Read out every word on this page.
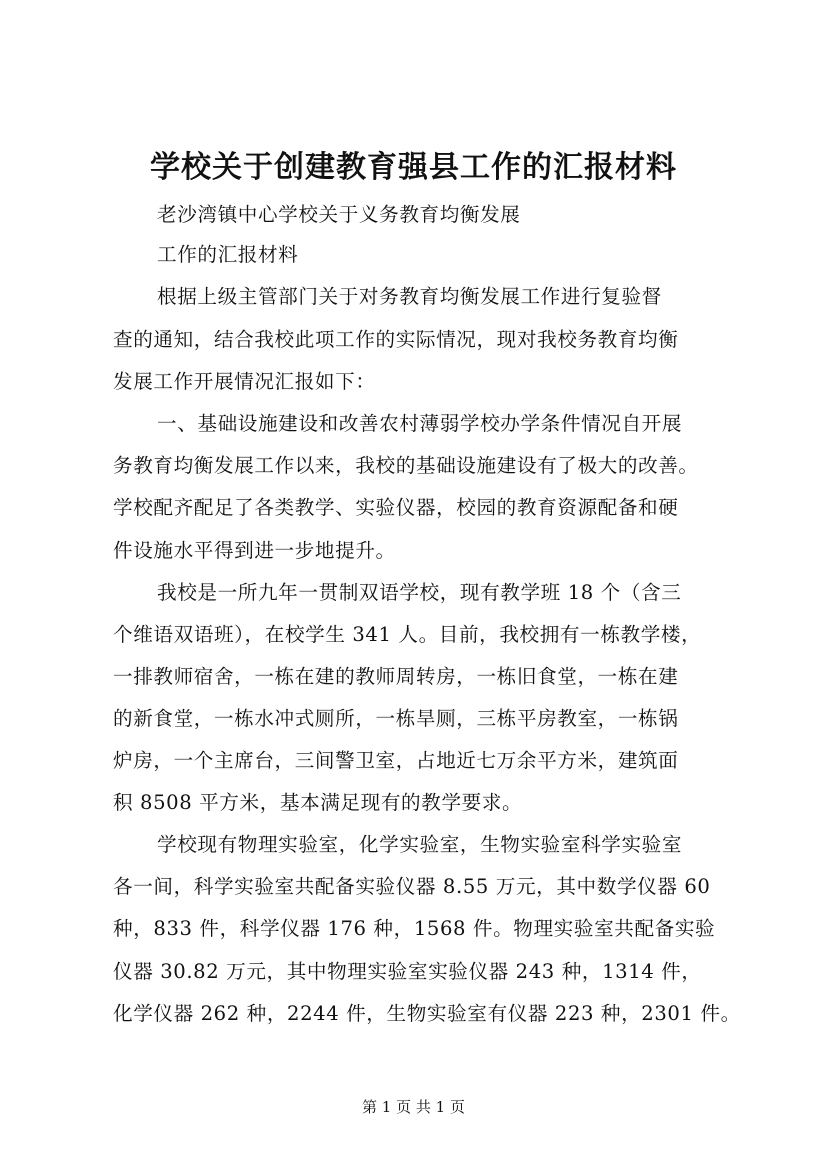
学校关于创建教育强县工作的汇报材料
老沙湾镇中心学校关于义务教育均衡发展
工作的汇报材料
根据上级主管部门关于对务教育均衡发展工作进行复验督
查的通知，结合我校此项工作的实际情况，现对我校务教育均衡
发展工作开展情况汇报如下：
一、基础设施建设和改善农村薄弱学校办学条件情况自开展
务教育均衡发展工作以来，我校的基础设施建设有了极大的改善。
学校配齐配足了各类教学、实验仪器，校园的教育资源配备和硬
件设施水平得到进一步地提升。
我校是一所九年一贯制双语学校，现有教学班 18 个（含三
个维语双语班），在校学生 341 人。目前，我校拥有一栋教学楼，
一排教师宿舍，一栋在建的教师周转房，一栋旧食堂，一栋在建
的新食堂，一栋水冲式厕所，一栋旱厕，三栋平房教室，一栋锅
炉房，一个主席台，三间警卫室，占地近七万余平方米，建筑面
积 8508 平方米，基本满足现有的教学要求。
学校现有物理实验室，化学实验室，生物实验室科学实验室
各一间，科学实验室共配备实验仪器 8.55 万元，其中数学仪器 60
种，833 件，科学仪器 176 种，1568 件。物理实验室共配备实验
仪器 30.82 万元，其中物理实验室实验仪器 243 种，1314 件，
化学仪器 262 种，2244 件，生物实验室有仪器 223 种，2301 件。
第 1 页 共 1 页
